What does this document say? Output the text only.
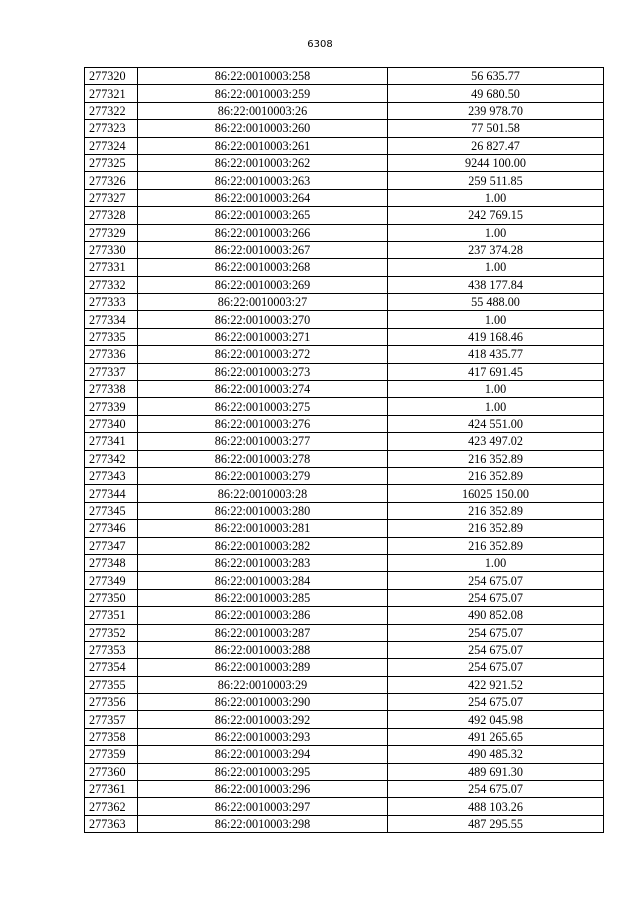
6308
277320	86:22:0010003:258	56 635.77
277321	86:22:0010003:259	49 680.50
277322	86:22:0010003:26	239 978.70
277323	86:22:0010003:260	77 501.58
277324	86:22:0010003:261	26 827.47
277325	86:22:0010003:262	9244 100.00
277326	86:22:0010003:263	259 511.85
277327	86:22:0010003:264	1.00
277328	86:22:0010003:265	242 769.15
277329	86:22:0010003:266	1.00
277330	86:22:0010003:267	237 374.28
277331	86:22:0010003:268	1.00
277332	86:22:0010003:269	438 177.84
277333	86:22:0010003:27	55 488.00
277334	86:22:0010003:270	1.00
277335	86:22:0010003:271	419 168.46
277336	86:22:0010003:272	418 435.77
277337	86:22:0010003:273	417 691.45
277338	86:22:0010003:274	1.00
277339	86:22:0010003:275	1.00
277340	86:22:0010003:276	424 551.00
277341	86:22:0010003:277	423 497.02
277342	86:22:0010003:278	216 352.89
277343	86:22:0010003:279	216 352.89
277344	86:22:0010003:28	16025 150.00
277345	86:22:0010003:280	216 352.89
277346	86:22:0010003:281	216 352.89
277347	86:22:0010003:282	216 352.89
277348	86:22:0010003:283	1.00
277349	86:22:0010003:284	254 675.07
277350	86:22:0010003:285	254 675.07
277351	86:22:0010003:286	490 852.08
277352	86:22:0010003:287	254 675.07
277353	86:22:0010003:288	254 675.07
277354	86:22:0010003:289	254 675.07
277355	86:22:0010003:29	422 921.52
277356	86:22:0010003:290	254 675.07
277357	86:22:0010003:292	492 045.98
277358	86:22:0010003:293	491 265.65
277359	86:22:0010003:294	490 485.32
277360	86:22:0010003:295	489 691.30
277361	86:22:0010003:296	254 675.07
277362	86:22:0010003:297	488 103.26
277363	86:22:0010003:298	487 295.55
